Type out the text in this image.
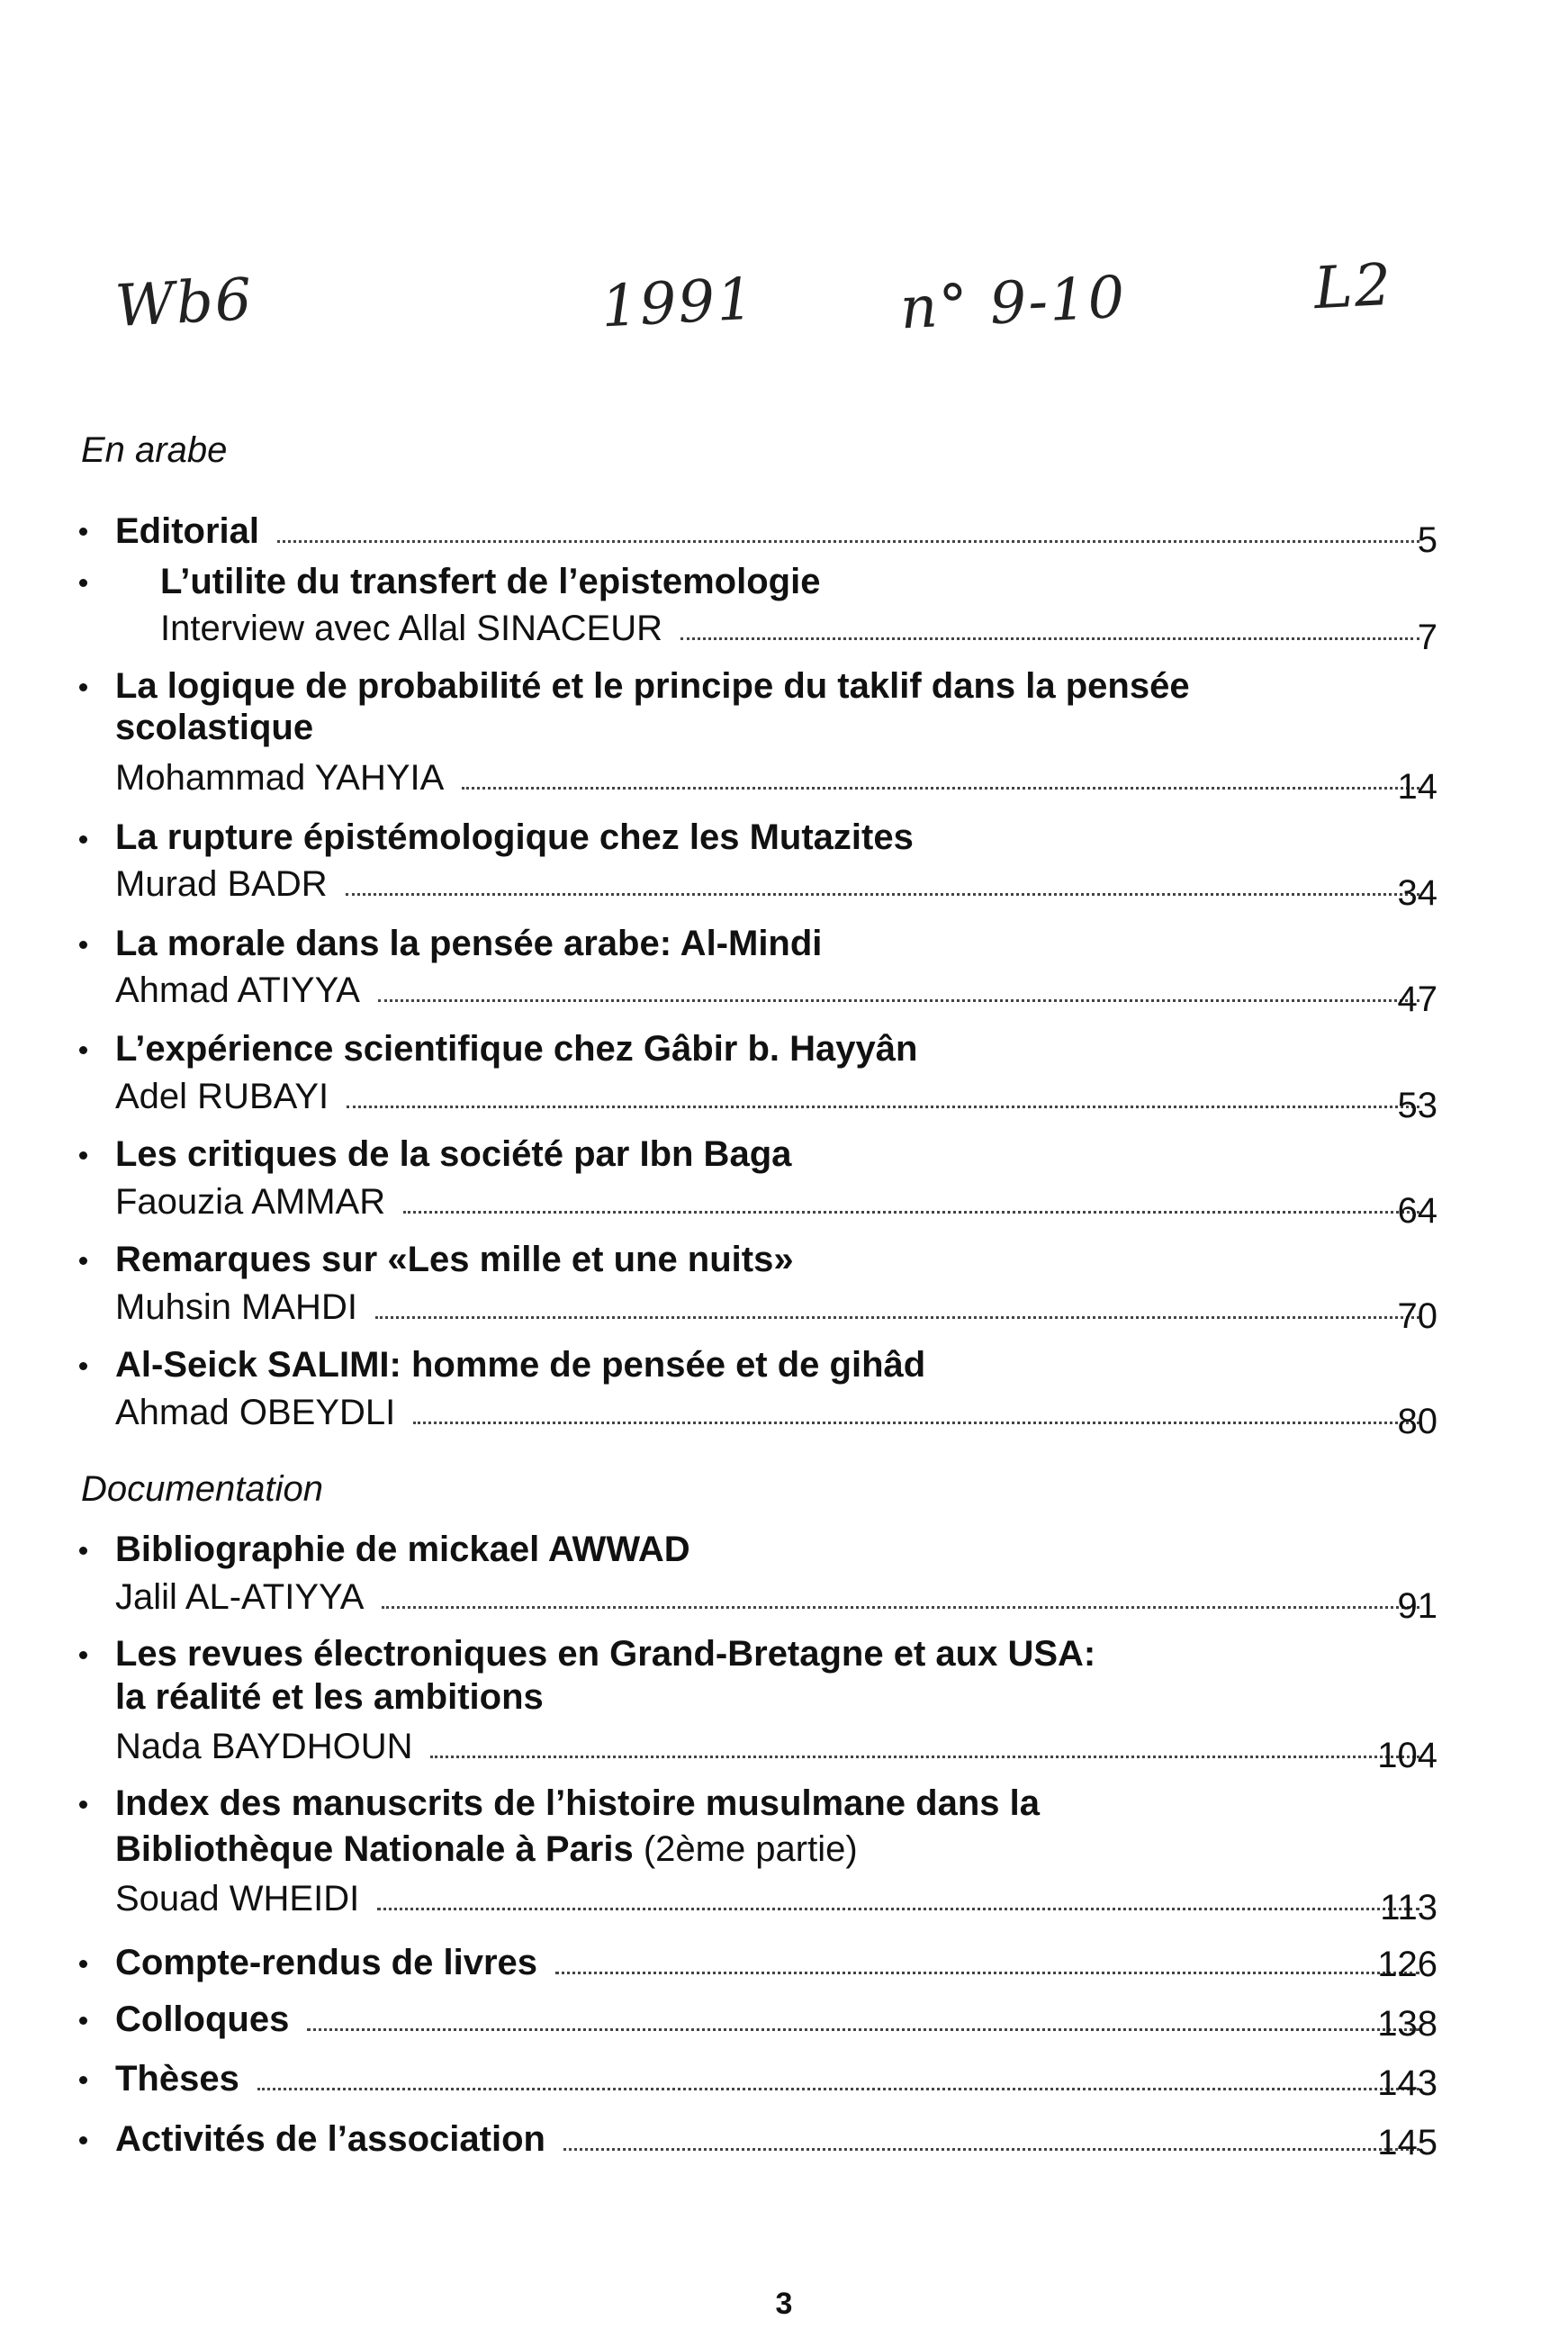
Wb6	1991 n° 9-10	L2
En arabe
Editorial	5
L’utilite du transfert de l’epistemologie
Interview avec Allal SINACEUR	7
La logique de probabilité et le principe du taklif dans la pensée
scolastique
Mohammad YAHYIA	14
La rupture épistémologique chez les Mutazites
Murad BADR	34
La morale dans la pensée arabe: Al-Mindi
Ahmad ATIYYA	47
L’expérience scientifique chez Gâbir b. Hayyân
Adel RUBAYI	53
Les critiques de la société par Ibn Baga
Faouzia AMMAR	64
Remarques sur «Les mille et une nuits»
Muhsin MAHDI	70
Al-Seick SALIMI: homme de pensée et de gihâd
Ahmad OBEYDLI	80
Documentation
Bibliographie de mickael AWWAD
Jalil AL-ATIYYA	91
Les revues électroniques en Grand-Bretagne et aux USA:
la réalité et les ambitions
Nada BAYDHOUN	104
Index des manuscrits de l’histoire musulmane dans la
Bibliothèque Nationale à Paris (2ème partie)
Souad WHEIDI	113
Compte-rendus de livres	126
Colloques	138
Thèses	143
Activités de l’association	145
3
